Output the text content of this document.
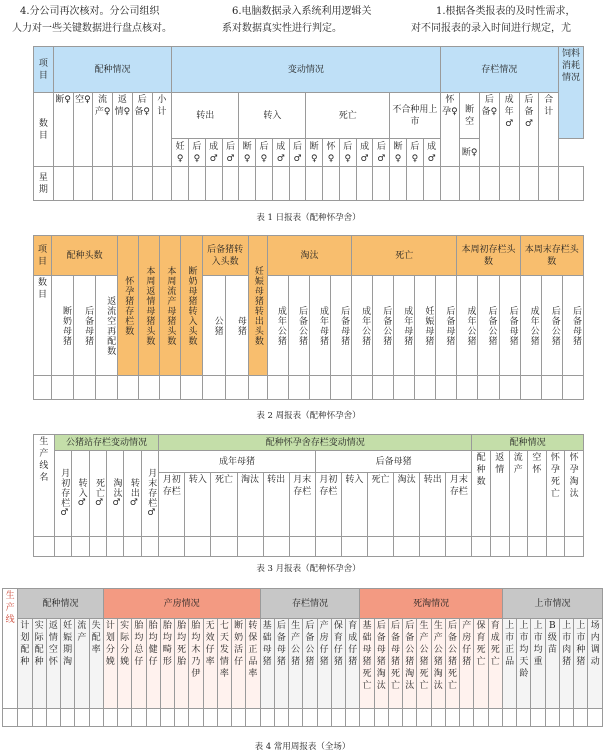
4.分公司再次核对。分公司组织
人力对一些关键数据进行盘点核对。
6.电脑数据录入系统利用逻辑关
系对数据真实性进行判定。
1.根据各类报表的及时性需求，
对不同报表的录入时间进行规定，尤
项目	配种情况						变动情况																存栏情况						饲料消耗情况
数目	断♀	空♀	流产♀	返情♀	后备♀	小计	转出				转入				死亡					不合种用上市			怀孕♀	断空	后备♀	成年♂	后备♂	合计	
							妊♀	后♀	成♂	后♂	断♀	后♀	成♂	后♂	断♀	怀♀	后♀	成♂	后♂	断♀	后♀	成♂		断♀					
星期																													
表 1 日报表（配种怀孕舍）
项目	配种头数			怀孕猪存栏数	本周返情母猪头数	本周流产母猪头数	断奶母猪转入头数	后备猪转入头数		妊娠母猪转出头数	淘汰				死亡					本周初存栏头数			本周末存栏头数		
数目	断奶母猪	后备母猪	返流空再配数					公猪	母猪		成年公猪	后备公猪	成年母猪	后备母猪	成年公猪	后备公猪	成年母猪	妊娠母猪	后备母猪	成年公猪	后备公猪	后备母猪	成年公猪	后备公猪	后备母猪

表 2 周报表（配种怀孕舍）
生产线名	公猪站存栏变动情况						配种怀孕舍存栏变动情况												配种情况					
	月初存栏♂	转入♂	死亡♂	淘汰♂	转出♂	月末存栏♂	成年母猪						后备母猪						配种数	返情	流产	空怀	怀孕死亡	怀孕淘汰
							月初存栏	转入	死亡	淘汰	转出	月末存栏	月初存栏	转入	死亡	淘汰	转出	月末存栏						

表 3 月报表（配种怀孕舍）
生产线	配种情况						产房情况											存栏情况							死淘情况										上市情况						
	计划配种	实际配种	返情空怀	妊娠期淘	流产	失配率	计划分娩	实际分娩	胎均总仔	胎均健仔	胎均畸形	胎均死胎	胎均木乃伊	无效仔率	七天发情率	断奶活仔	转保正品率	基础母猪	后备母猪	生产公猪	后备公猪	产房仔猪	保育仔猪	育成仔猪	基础母猪死亡	后备母猪淘汰	后备母猪死亡	后备公猪淘汰	生产公猪死亡	生产公猪淘汰	后备公猪死亡	产房仔猪	保育死亡	育成死亡	上市正品	上市均天龄	上市均重	B级苗	上市肉猪	上市种猪	场内调动

表 4 常用周报表（全场）
